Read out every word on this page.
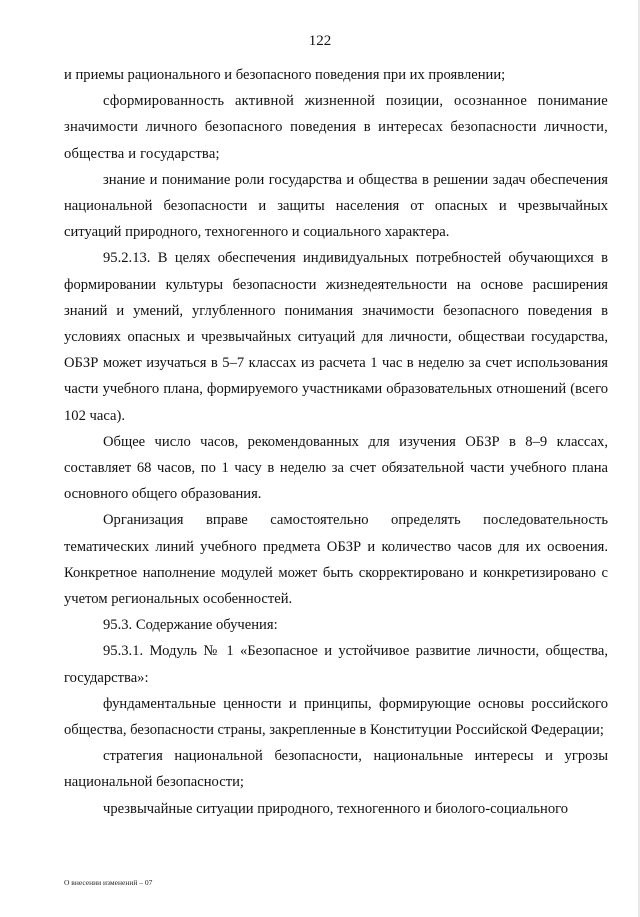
122

и приемы рационального и безопасного поведения при их проявлении;

сформированность активной жизненной позиции, осознанное понимание значимости личного безопасного поведения в интересах безопасности личности, общества и государства;

знание и понимание роли государства и общества в решении задач обеспечения национальной безопасности и защиты населения от опасных и чрезвычайных ситуаций природного, техногенного и социального характера.

95.2.13. В целях обеспечения индивидуальных потребностей обучающихся в формировании культуры безопасности жизнедеятельности на основе расширения знаний и умений, углубленного понимания значимости безопасного поведения в условиях опасных и чрезвычайных ситуаций для личности, обществаи государства, ОБЗР может изучаться в 5–7 классах из расчета 1 час в неделю за счет использования части учебного плана, формируемого участниками образовательных отношений (всего 102 часа).

Общее число часов, рекомендованных для изучения ОБЗР в 8–9 классах, составляет 68 часов, по 1 часу в неделю за счет обязательной части учебного плана основного общего образования.

Организация вправе самостоятельно определять последовательность тематических линий учебного предмета ОБЗР и количество часов для их освоения. Конкретное наполнение модулей может быть скорректировано и конкретизировано с учетом региональных особенностей.

95.3. Содержание обучения:

95.3.1. Модуль № 1 «Безопасное и устойчивое развитие личности, общества, государства»:

фундаментальные ценности и принципы, формирующие основы российского общества, безопасности страны, закрепленные в Конституции Российской Федерации;

стратегия национальной безопасности, национальные интересы и угрозы национальной безопасности;

чрезвычайные ситуации природного, техногенного и биолого-социального

О внесении изменений – 07
